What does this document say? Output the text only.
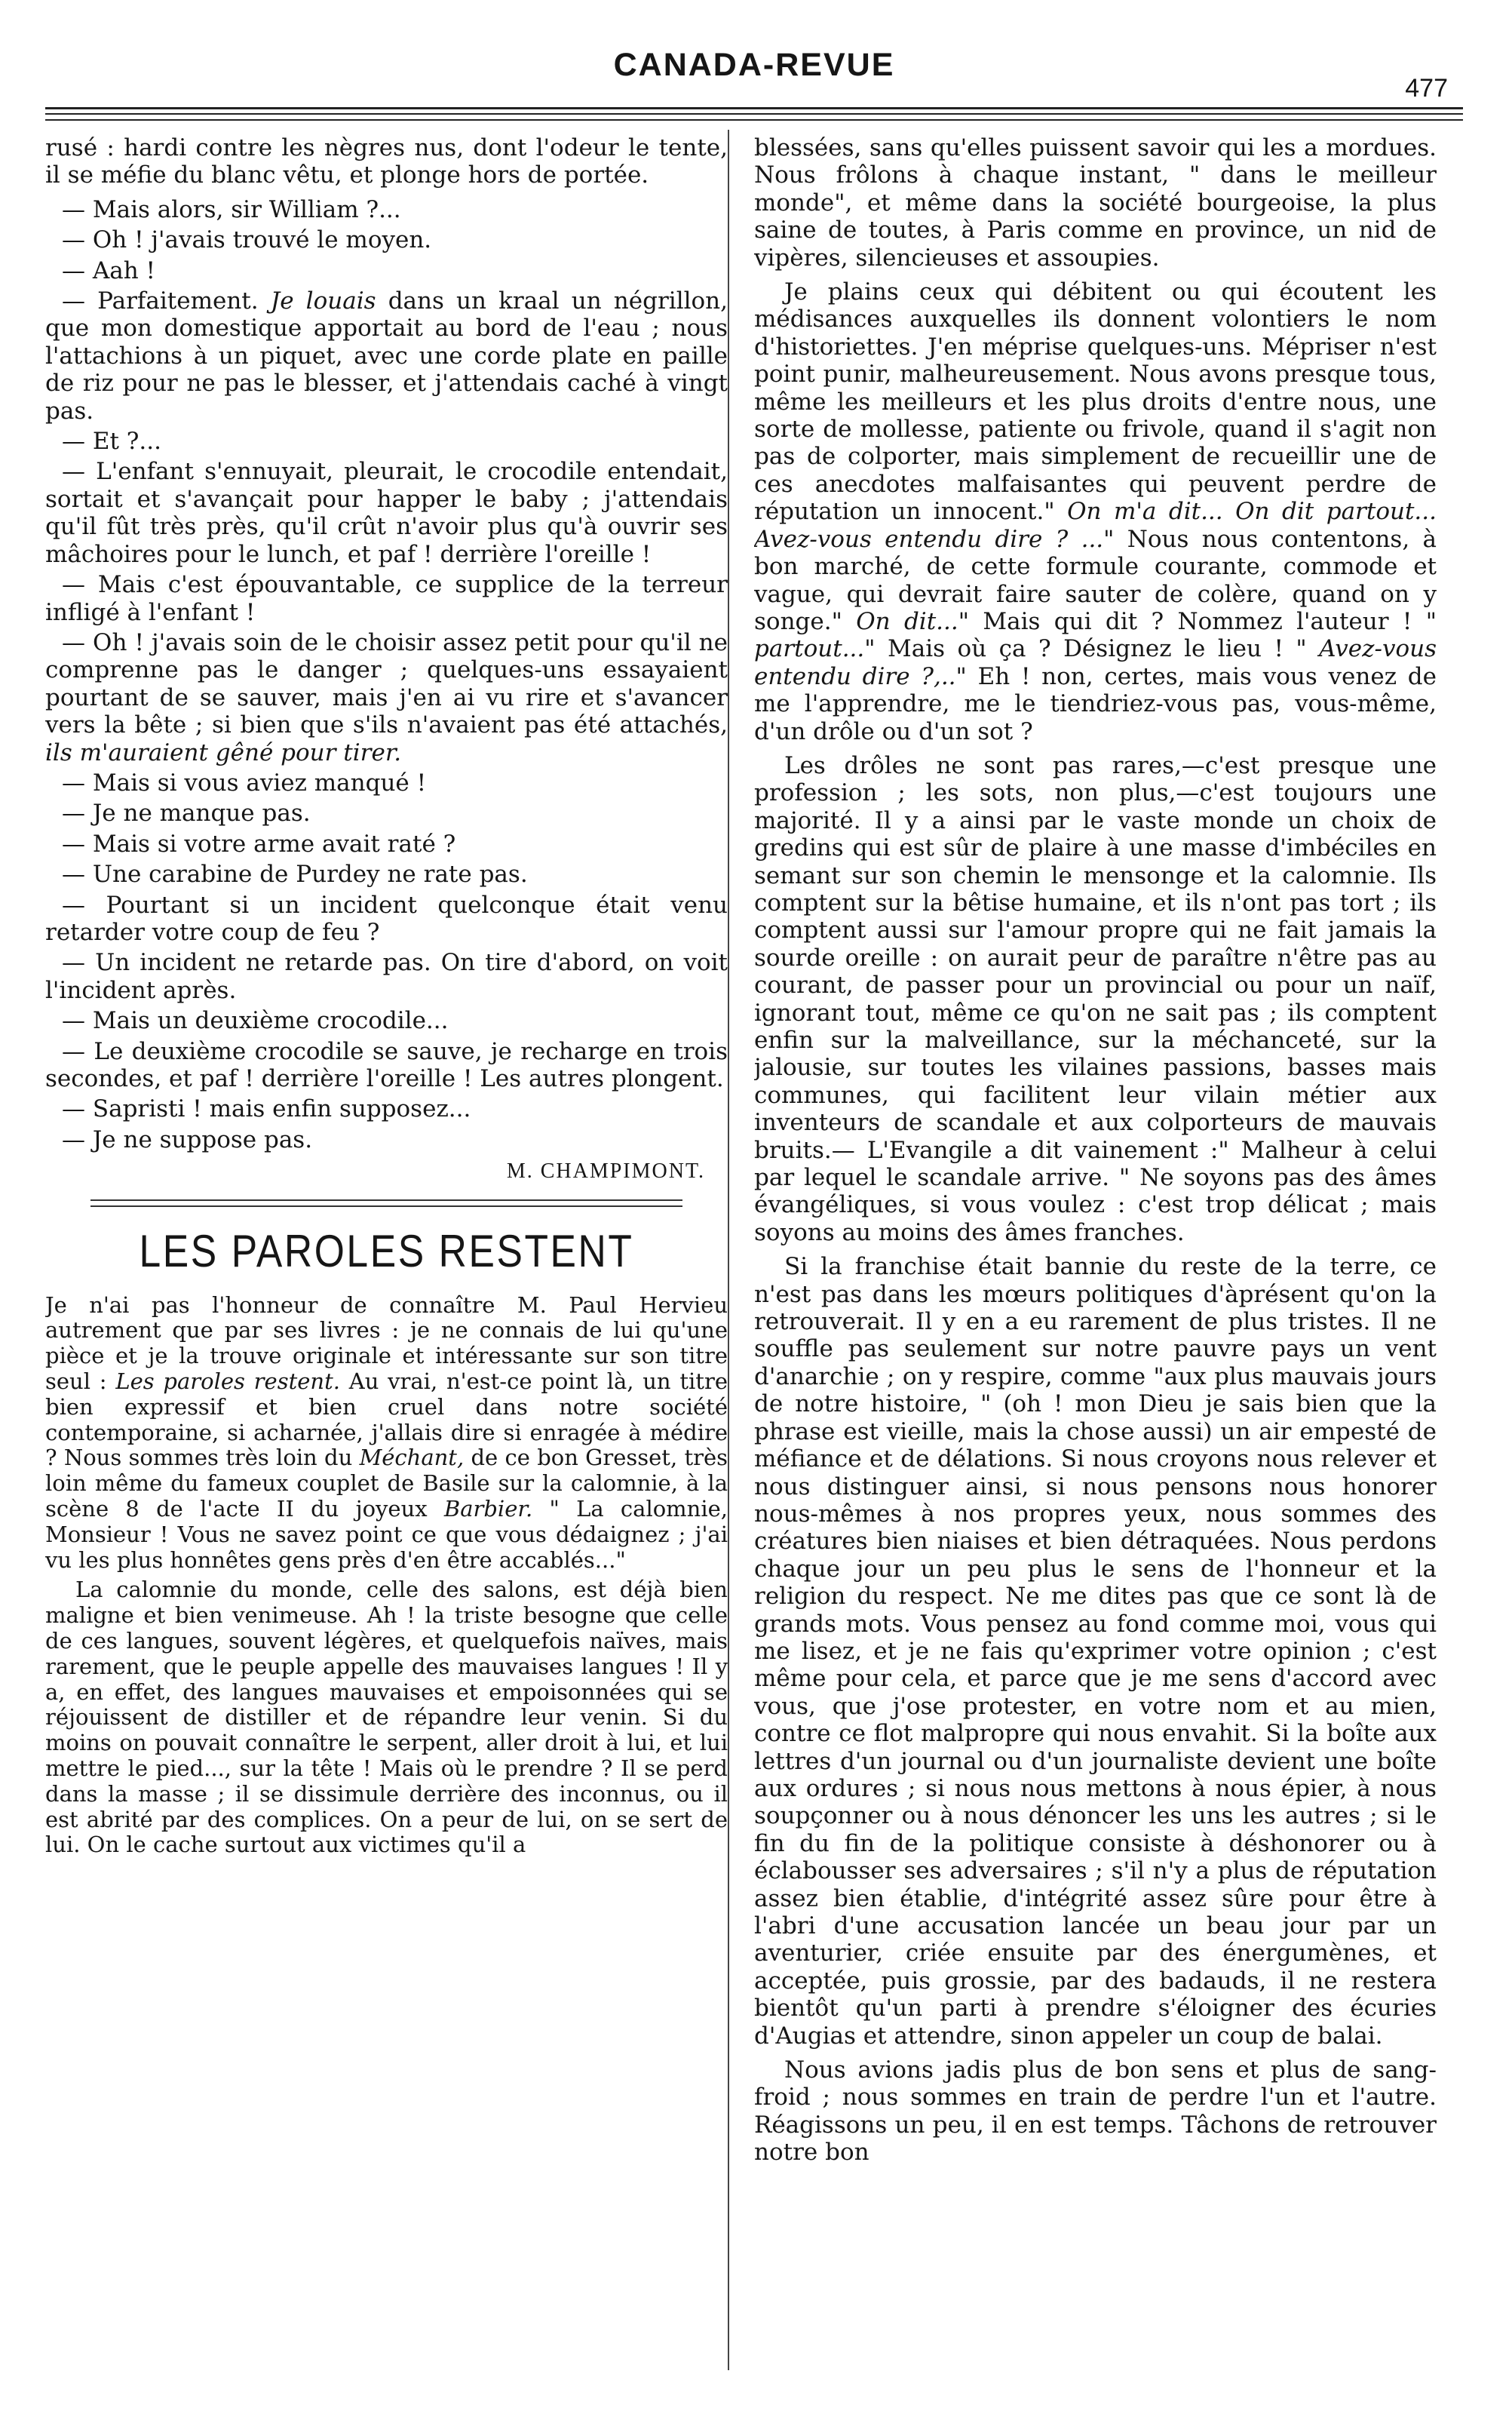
CANADA-REVUE
477

rusé : hardi contre les nègres nus, dont l'odeur le tente, il se méfie du blanc vêtu, et plonge hors de portée.

— Mais alors, sir William ?...

— Oh ! j'avais trouvé le moyen.

— Aah !

— Parfaitement. Je louais dans un kraal un négrillon, que mon domestique apportait au bord de l'eau ; nous l'attachions à un piquet, avec une corde plate en paille de riz pour ne pas le blesser, et j'attendais caché à vingt pas.

— Et ?...

— L'enfant s'ennuyait, pleurait, le crocodile entendait, sortait et s'avançait pour happer le baby ; j'attendais qu'il fût très près, qu'il crût n'avoir plus qu'à ouvrir ses mâchoires pour le lunch, et paf ! derrière l'oreille !

— Mais c'est épouvantable, ce supplice de la terreur infligé à l'enfant !

— Oh ! j'avais soin de le choisir assez petit pour qu'il ne comprenne pas le danger ; quelques-uns essayaient pourtant de se sauver, mais j'en ai vu rire et s'avancer vers la bête ; si bien que s'ils n'avaient pas été attachés, ils m'auraient gêné pour tirer.

— Mais si vous aviez manqué !

— Je ne manque pas.

— Mais si votre arme avait raté ?

— Une carabine de Purdey ne rate pas.

— Pourtant si un incident quelconque était venu retarder votre coup de feu ?

— Un incident ne retarde pas. On tire d'abord, on voit l'incident après.

— Mais un deuxième crocodile...

— Le deuxième crocodile se sauve, je recharge en trois secondes, et paf ! derrière l'oreille ! Les autres plongent.

— Sapristi ! mais enfin supposez...

— Je ne suppose pas.

M. CHAMPIMONT.
LES PAROLES RESTENT

Je n'ai pas l'honneur de connaître M. Paul Hervieu autrement que par ses livres : je ne connais de lui qu'une pièce et je la trouve originale et intéressante sur son titre seul : Les paroles restent. Au vrai, n'est-ce point là, un titre bien expressif et bien cruel dans notre société contemporaine, si acharnée, j'allais dire si enragée à médire ? Nous sommes très loin du Méchant, de ce bon Gresset, très loin même du fameux couplet de Basile sur la calomnie, à la scène 8 de l'acte II du joyeux Barbier. " La calomnie, Monsieur ! Vous ne savez point ce que vous dédaignez ; j'ai vu les plus honnêtes gens près d'en être accablés..."

La calomnie du monde, celle des salons, est déjà bien maligne et bien venimeuse. Ah ! la triste besogne que celle de ces langues, souvent légères, et quelquefois naïves, mais rarement, que le peuple appelle des mauvaises langues ! Il y a, en effet, des langues mauvaises et empoisonnées qui se réjouissent de distiller et de répandre leur venin. Si du moins on pouvait connaître le serpent, aller droit à lui, et lui mettre le pied..., sur la tête ! Mais où le prendre ? Il se perd dans la masse ; il se dissimule derrière des inconnus, ou il est abrité par des complices. On a peur de lui, on se sert de lui. On le cache surtout aux victimes qu'il a

blessées, sans qu'elles puissent savoir qui les a mordues. Nous frôlons à chaque instant, " dans le meilleur monde", et même dans la société bourgeoise, la plus saine de toutes, à Paris comme en province, un nid de vipères, silencieuses et assoupies.

Je plains ceux qui débitent ou qui écoutent les médisances auxquelles ils donnent volontiers le nom d'historiettes. J'en méprise quelques-uns. Mépriser n'est point punir, malheureusement. Nous avons presque tous, même les meilleurs et les plus droits d'entre nous, une sorte de mollesse, patiente ou frivole, quand il s'agit non pas de colporter, mais simplement de recueillir une de ces anecdotes malfaisantes qui peuvent perdre de réputation un innocent." On m'a dit... On dit partout... Avez-vous entendu dire ? ..." Nous nous contentons, à bon marché, de cette formule courante, commode et vague, qui devrait faire sauter de colère, quand on y songe." On dit..." Mais qui dit ? Nommez l'auteur ! " partout..." Mais où ça ? Désignez le lieu ! " Avez-vous entendu dire ?,.." Eh ! non, certes, mais vous venez de me l'apprendre, me le tiendriez-vous pas, vous-même, d'un drôle ou d'un sot ?

Les drôles ne sont pas rares,—c'est presque une profession ; les sots, non plus,—c'est toujours une majorité. Il y a ainsi par le vaste monde un choix de gredins qui est sûr de plaire à une masse d'imbéciles en semant sur son chemin le mensonge et la calomnie. Ils comptent sur la bêtise humaine, et ils n'ont pas tort ; ils comptent aussi sur l'amour propre qui ne fait jamais la sourde oreille : on aurait peur de paraître n'être pas au courant, de passer pour un provincial ou pour un naïf, ignorant tout, même ce qu'on ne sait pas ; ils comptent enfin sur la malveillance, sur la méchanceté, sur la jalousie, sur toutes les vilaines passions, basses mais communes, qui facilitent leur vilain métier aux inventeurs de scandale et aux colporteurs de mauvais bruits.— L'Evangile a dit vainement :" Malheur à celui par lequel le scandale arrive. " Ne soyons pas des âmes évangéliques, si vous voulez : c'est trop délicat ; mais soyons au moins des âmes franches.

Si la franchise était bannie du reste de la terre, ce n'est pas dans les mœurs politiques d'àprésent qu'on la retrouverait. Il y en a eu rarement de plus tristes. Il ne souffle pas seulement sur notre pauvre pays un vent d'anarchie ; on y respire, comme "aux plus mauvais jours de notre histoire, " (oh ! mon Dieu je sais bien que la phrase est vieille, mais la chose aussi) un air empesté de méfiance et de délations. Si nous croyons nous relever et nous distinguer ainsi, si nous pensons nous honorer nous-mêmes à nos propres yeux, nous sommes des créatures bien niaises et bien détraquées. Nous perdons chaque jour un peu plus le sens de l'honneur et la religion du respect. Ne me dites pas que ce sont là de grands mots. Vous pensez au fond comme moi, vous qui me lisez, et je ne fais qu'exprimer votre opinion ; c'est même pour cela, et parce que je me sens d'accord avec vous, que j'ose protester, en votre nom et au mien, contre ce flot malpropre qui nous envahit. Si la boîte aux lettres d'un journal ou d'un journaliste devient une boîte aux ordures ; si nous nous mettons à nous épier, à nous soupçonner ou à nous dénoncer les uns les autres ; si le fin du fin de la politique consiste à déshonorer ou à éclabousser ses adversaires ; s'il n'y a plus de réputation assez bien établie, d'intégrité assez sûre pour être à l'abri d'une accusation lancée un beau jour par un aventurier, criée ensuite par des énergumènes, et acceptée, puis grossie, par des badauds, il ne restera bientôt qu'un parti à prendre s'éloigner des écuries d'Augias et attendre, sinon appeler un coup de balai.

Nous avions jadis plus de bon sens et plus de sang-froid ; nous sommes en train de perdre l'un et l'autre. Réagissons un peu, il en est temps. Tâchons de retrouver notre bon
